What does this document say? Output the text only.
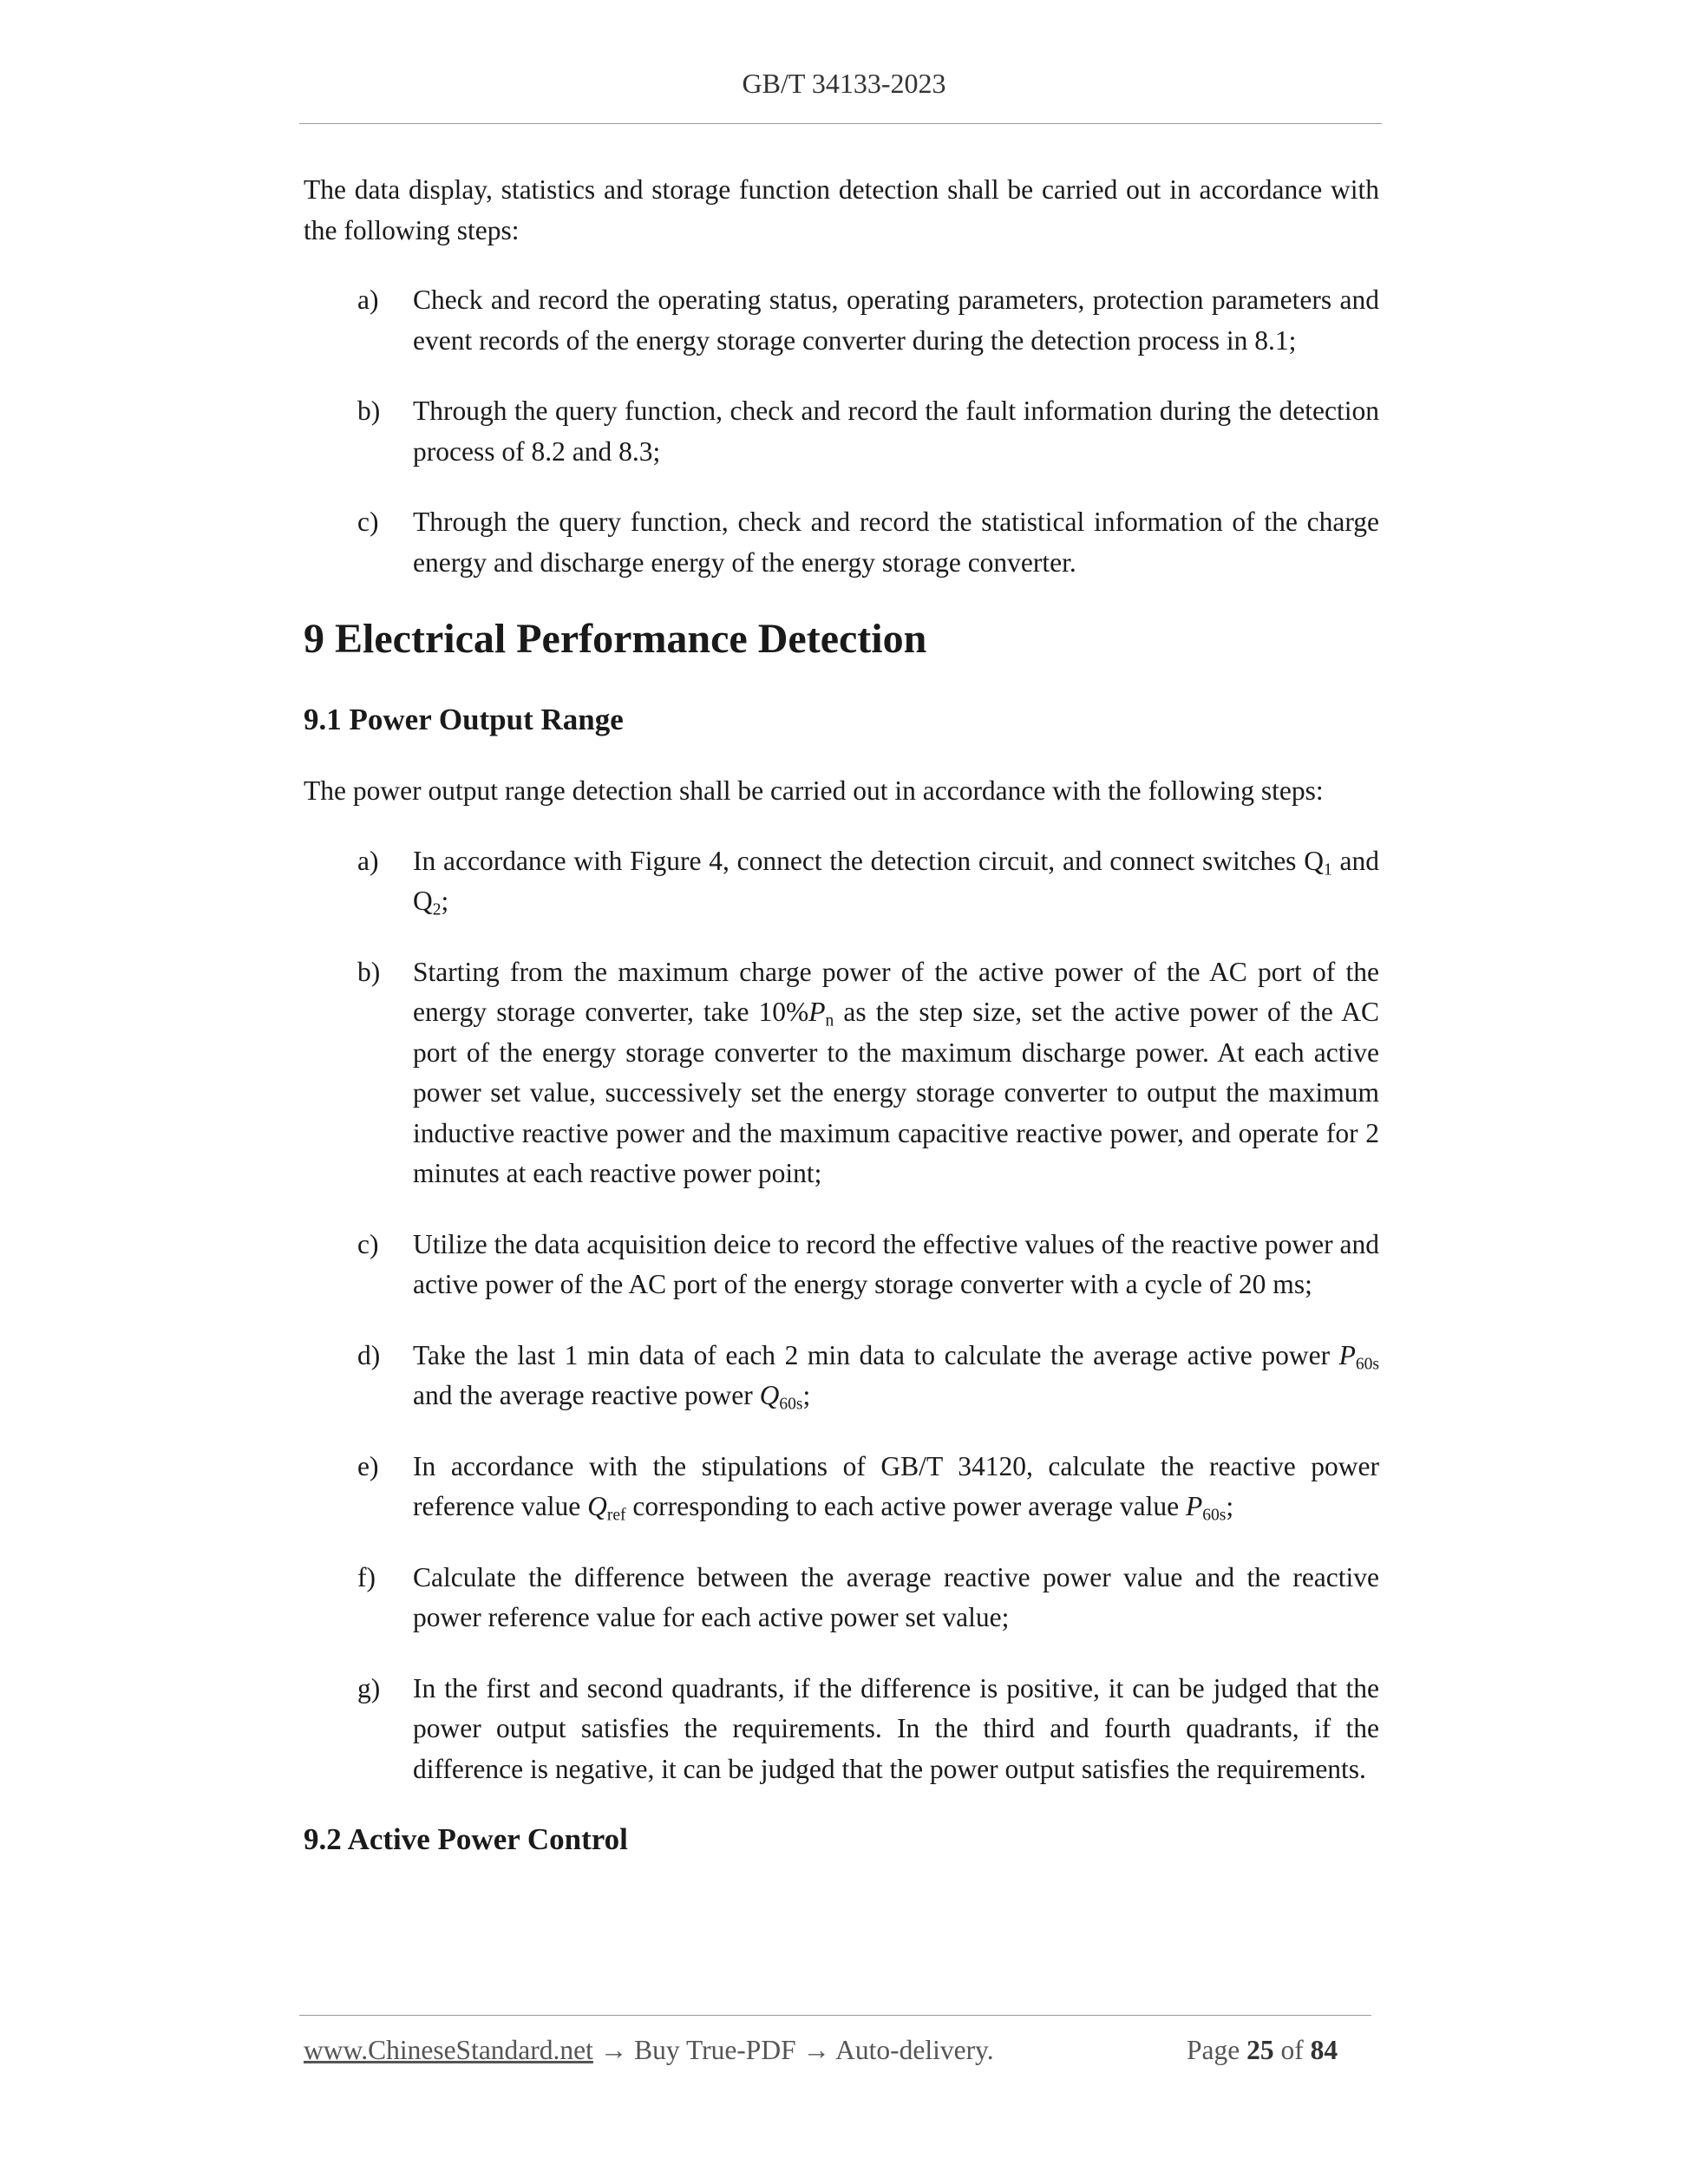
GB/T 34133-2023

The data display, statistics and storage function detection shall be carried out in accordance with the following steps:

a)	Check and record the operating status, operating parameters, protection parameters and event records of the energy storage converter during the detection process in 8.1;
b)	Through the query function, check and record the fault information during the detection process of 8.2 and 8.3;
c)	Through the query function, check and record the statistical information of the charge energy and discharge energy of the energy storage converter.
9 Electrical Performance Detection
9.1 Power Output Range

The power output range detection shall be carried out in accordance with the following steps:

a)	In accordance with Figure 4, connect the detection circuit, and connect switches $Q_1$ and $Q_2$;
b)	Starting from the maximum charge power of the active power of the AC port of the energy storage converter, take $10\%P_n$ as the step size, set the active power of the AC port of the energy storage converter to the maximum discharge power. At each active power set value, successively set the energy storage converter to output the maximum inductive reactive power and the maximum capacitive reactive power, and operate for 2 minutes at each reactive power point;
c)	Utilize the data acquisition deice to record the effective values of the reactive power and active power of the AC port of the energy storage converter with a cycle of 20 ms;
d)	Take the last 1 min data of each 2 min data to calculate the average active power $P_{60s}$ and the average reactive power $Q_{60s}$;
e)	In accordance with the stipulations of GB/T 34120, calculate the reactive power reference value $Q_{ref}$ corresponding to each active power average value $P_{60s}$;
f)	Calculate the difference between the average reactive power value and the reactive power reference value for each active power set value;
g)	In the first and second quadrants, if the difference is positive, it can be judged that the power output satisfies the requirements. In the third and fourth quadrants, if the difference is negative, it can be judged that the power output satisfies the requirements.
9.2 Active Power Control
www.ChineseStandard.net → Buy True-PDF → Auto-delivery.	Page 25 of 84
